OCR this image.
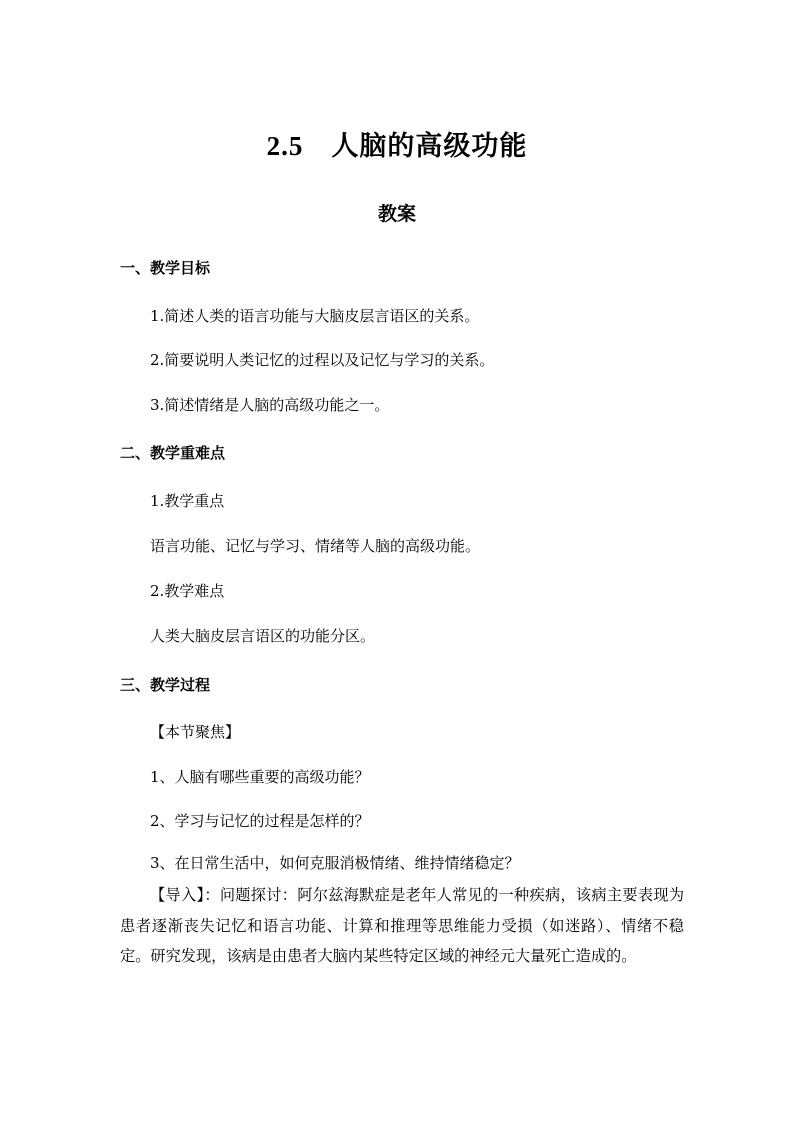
2.5 人脑的高级功能
教案
一、教学目标
1.简述人类的语言功能与大脑皮层言语区的关系。
2.简要说明人类记忆的过程以及记忆与学习的关系。
3.简述情绪是人脑的高级功能之一。
二、教学重难点
1.教学重点
语言功能、记忆与学习、情绪等人脑的高级功能。
2.教学难点
人类大脑皮层言语区的功能分区。
三、教学过程
【本节聚焦】
1、人脑有哪些重要的高级功能？
2、学习与记忆的过程是怎样的？
3、在日常生活中，如何克服消极情绪、维持情绪稳定？
【导入】：问题探讨：阿尔兹海默症是老年人常见的一种疾病，该病主要表现为患者逐渐丧失记忆和语言功能、计算和推理等思维能力受损（如迷路）、情绪不稳定。研究发现，该病是由患者大脑内某些特定区域的神经元大量死亡造成的。
